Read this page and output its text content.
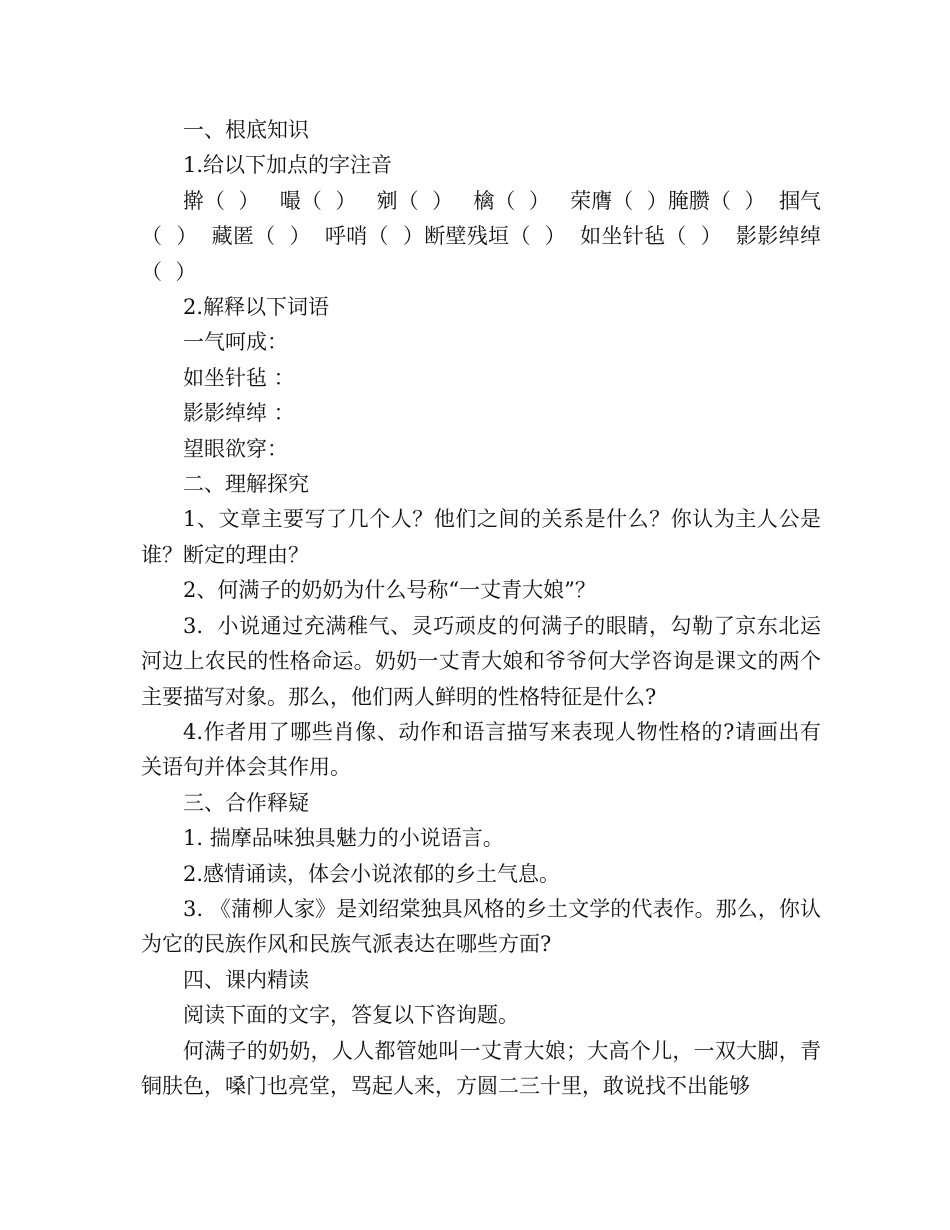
一、根底知识

1.给以下加点的字注音

擀（  ）   嘬（  ）   剜（  ）   檎（  ）   荣膺（  ）腌臜（  ）  掴气（  ）  藏匿（  ）  呼哨（  ）断壁残垣（  ）  如坐针毡（  ）  影影绰绰（  ）

2.解释以下词语

一气呵成：

如坐针毡 ：

影影绰绰 ：

望眼欲穿：

二、理解探究

1、文章主要写了几个人？他们之间的关系是什么？你认为主人公是谁？断定的理由？

2、何满子的奶奶为什么号称“一丈青大娘”？

3.  小说通过充满稚气、灵巧顽皮的何满子的眼睛，勾勒了京东北运河边上农民的性格命运。奶奶一丈青大娘和爷爷何大学咨询是课文的两个主要描写对象。那么，他们两人鲜明的性格特征是什么?

4.作者用了哪些肖像、动作和语言描写来表现人物性格的?请画出有关语句并体会其作用。

三、合作释疑

1. 揣摩品味独具魅力的小说语言。

2.感情诵读，体会小说浓郁的乡土气息。

3. 《蒲柳人家》是刘绍棠独具风格的乡土文学的代表作。那么，你认为它的民族作风和民族气派表达在哪些方面?

四、课内精读

阅读下面的文字，答复以下咨询题。

何满子的奶奶，人人都管她叫一丈青大娘；大高个儿，一双大脚，青铜肤色，嗓门也亮堂，骂起人来，方圆二三十里，敢说找不出能够
